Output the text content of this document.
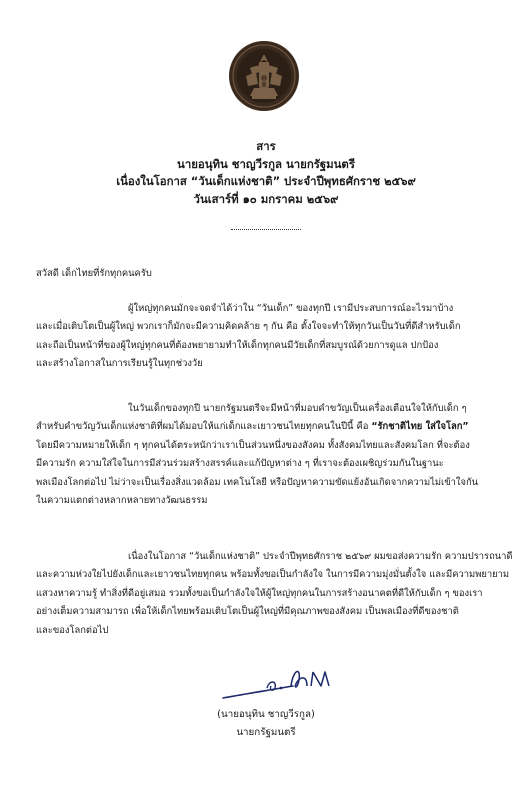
สาร
นายอนุทิน ชาญวีรกูล นายกรัฐมนตรี
เนื่องในโอกาส “วันเด็กแห่งชาติ” ประจำปีพุทธศักราช ๒๕๖๙
วันเสาร์ที่ ๑๐ มกราคม ๒๕๖๙
สวัสดี เด็กไทยที่รักทุกคนครับ
ผู้ใหญ่ทุกคนมักจะจดจำได้ว่าใน “วันเด็ก” ของทุกปี เรามีประสบการณ์อะไรมาบ้าง
และเมื่อเติบโตเป็นผู้ใหญ่ พวกเราก็มักจะมีความคิดคล้าย ๆ กัน คือ ตั้งใจจะทำให้ทุกวันเป็นวันที่ดีสำหรับเด็ก
และถือเป็นหน้าที่ของผู้ใหญ่ทุกคนที่ต้องพยายามทำให้เด็กทุกคนมีวัยเด็กที่สมบูรณ์ด้วยการดูแล ปกป้อง
และสร้างโอกาสในการเรียนรู้ในทุกช่วงวัย
ในวันเด็กของทุกปี นายกรัฐมนตรีจะมีหน้าที่มอบคำขวัญเป็นเครื่องเตือนใจให้กับเด็ก ๆ
สำหรับคำขวัญวันเด็กแห่งชาติที่ผมได้มอบให้แก่เด็กและเยาวชนไทยทุกคนในปีนี้ คือ “รักชาติไทย ใส่ใจโลก”
โดยมีความหมายให้เด็ก ๆ ทุกคนได้ตระหนักว่าเราเป็นส่วนหนึ่งของสังคม ทั้งสังคมไทยและสังคมโลก ที่จะต้อง
มีความรัก ความใส่ใจในการมีส่วนร่วมสร้างสรรค์และแก้ปัญหาต่าง ๆ ที่เราจะต้องเผชิญร่วมกันในฐานะ
พลเมืองโลกต่อไป ไม่ว่าจะเป็นเรื่องสิ่งแวดล้อม เทคโนโลยี หรือปัญหาความขัดแย้งอันเกิดจากความไม่เข้าใจกัน
ในความแตกต่างหลากหลายทางวัฒนธรรม
เนื่องในโอกาส “วันเด็กแห่งชาติ” ประจำปีพุทธศักราช ๒๕๖๙ ผมขอส่งความรัก ความปรารถนาดี
และความห่วงใยไปยังเด็กและเยาวชนไทยทุกคน พร้อมทั้งขอเป็นกำลังใจ ในการมีความมุ่งมั่นตั้งใจ และมีความพยายาม
แสวงหาความรู้ ทำสิ่งที่ดีอยู่เสมอ รวมทั้งขอเป็นกำลังใจให้ผู้ใหญ่ทุกคนในการสร้างอนาคตที่ดีให้กับเด็ก ๆ ของเรา
อย่างเต็มความสามารถ เพื่อให้เด็กไทยพร้อมเติบโตเป็นผู้ใหญ่ที่มีคุณภาพของสังคม เป็นพลเมืองที่ดีของชาติ
และของโลกต่อไป
(นายอนุทิน ชาญวีรกูล)
นายกรัฐมนตรี
